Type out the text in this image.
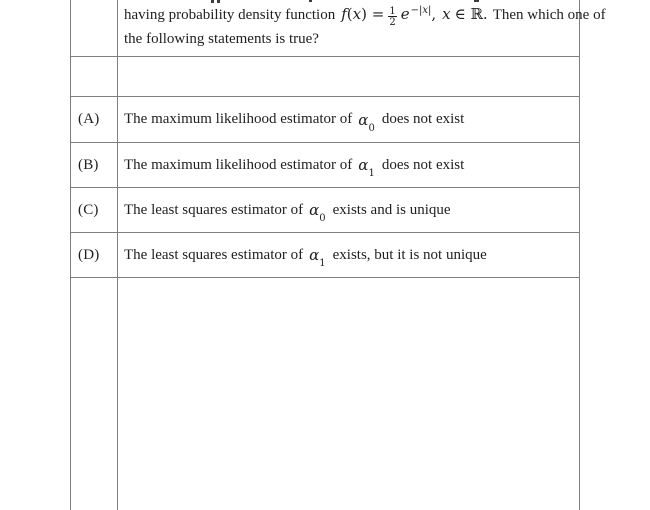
having probability density function $f(x) = \frac{1}{2} e^{-|x|}$, x ∈ ℝ. Then which one of
the following statements is true?
(A) The maximum likelihood estimator of $\alpha_0$
does not exist
(B) The maximum likelihood estimator of $\alpha_1$
does not exist
(C) The least squares estimator of $\alpha_0$
exists and is unique
(D) The least squares estimator of $\alpha_1$
exists, but it is not unique
